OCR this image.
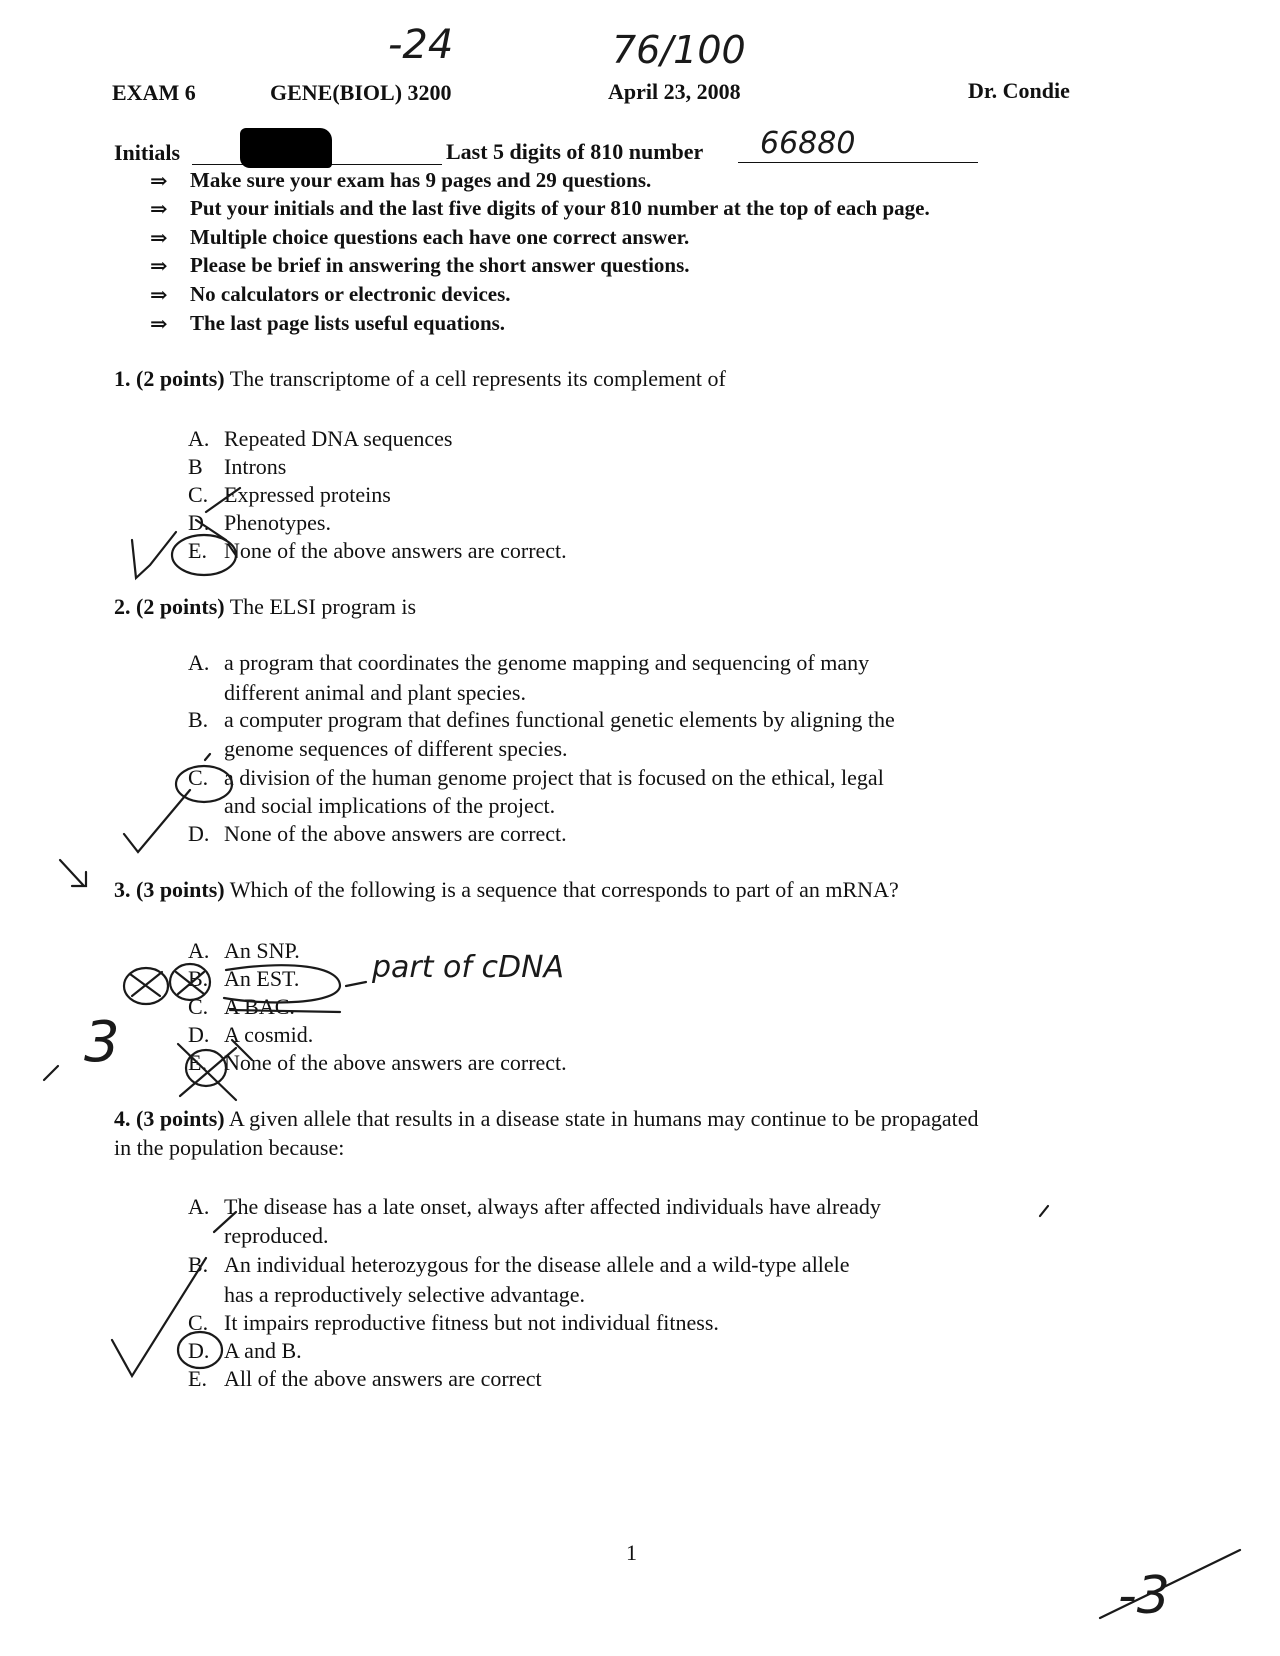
-24	76/100
EXAM 6	GENE(BIOL) 3200	April 23, 2008	Dr. Condie
Initials	Last 5 digits of 810 number 66880
⇒ Make sure your exam has 9 pages and 29 questions.
⇒ Put your initials and the last five digits of your 810 number at the top of each page.
⇒ Multiple choice questions each have one correct answer.
⇒ Please be brief in answering the short answer questions.
⇒ No calculators or electronic devices.
⇒ The last page lists useful equations.
1. (2 points) The transcriptome of a cell represents its complement of
A. Repeated DNA sequences
B Introns
C. Expressed proteins
D. Phenotypes.
E. None of the above answers are correct.
2. (2 points) The ELSI program is
A. a program that coordinates the genome mapping and sequencing of many
different animal and plant species.
B. a computer program that defines functional genetic elements by aligning the
genome sequences of different species.
C. a division of the human genome project that is focused on the ethical, legal
and social implications of the project.
D. None of the above answers are correct.
3. (3 points) Which of the following is a sequence that corresponds to part of an mRNA?
A. An SNP.
B. An EST.
C. A BAC.
D. A cosmid.
E. None of the above answers are correct.
4. (3 points) A given allele that results in a disease state in humans may continue to be propagated
in the population because:
A. The disease has a late onset, always after affected individuals have already
reproduced.
B. An individual heterozygous for the disease allele and a wild-type allele
has a reproductively selective advantage.
C. It impairs reproductive fitness but not individual fitness.
D. A and B.
E. All of the above answers are correct
1
part of cDNA
3
-3
